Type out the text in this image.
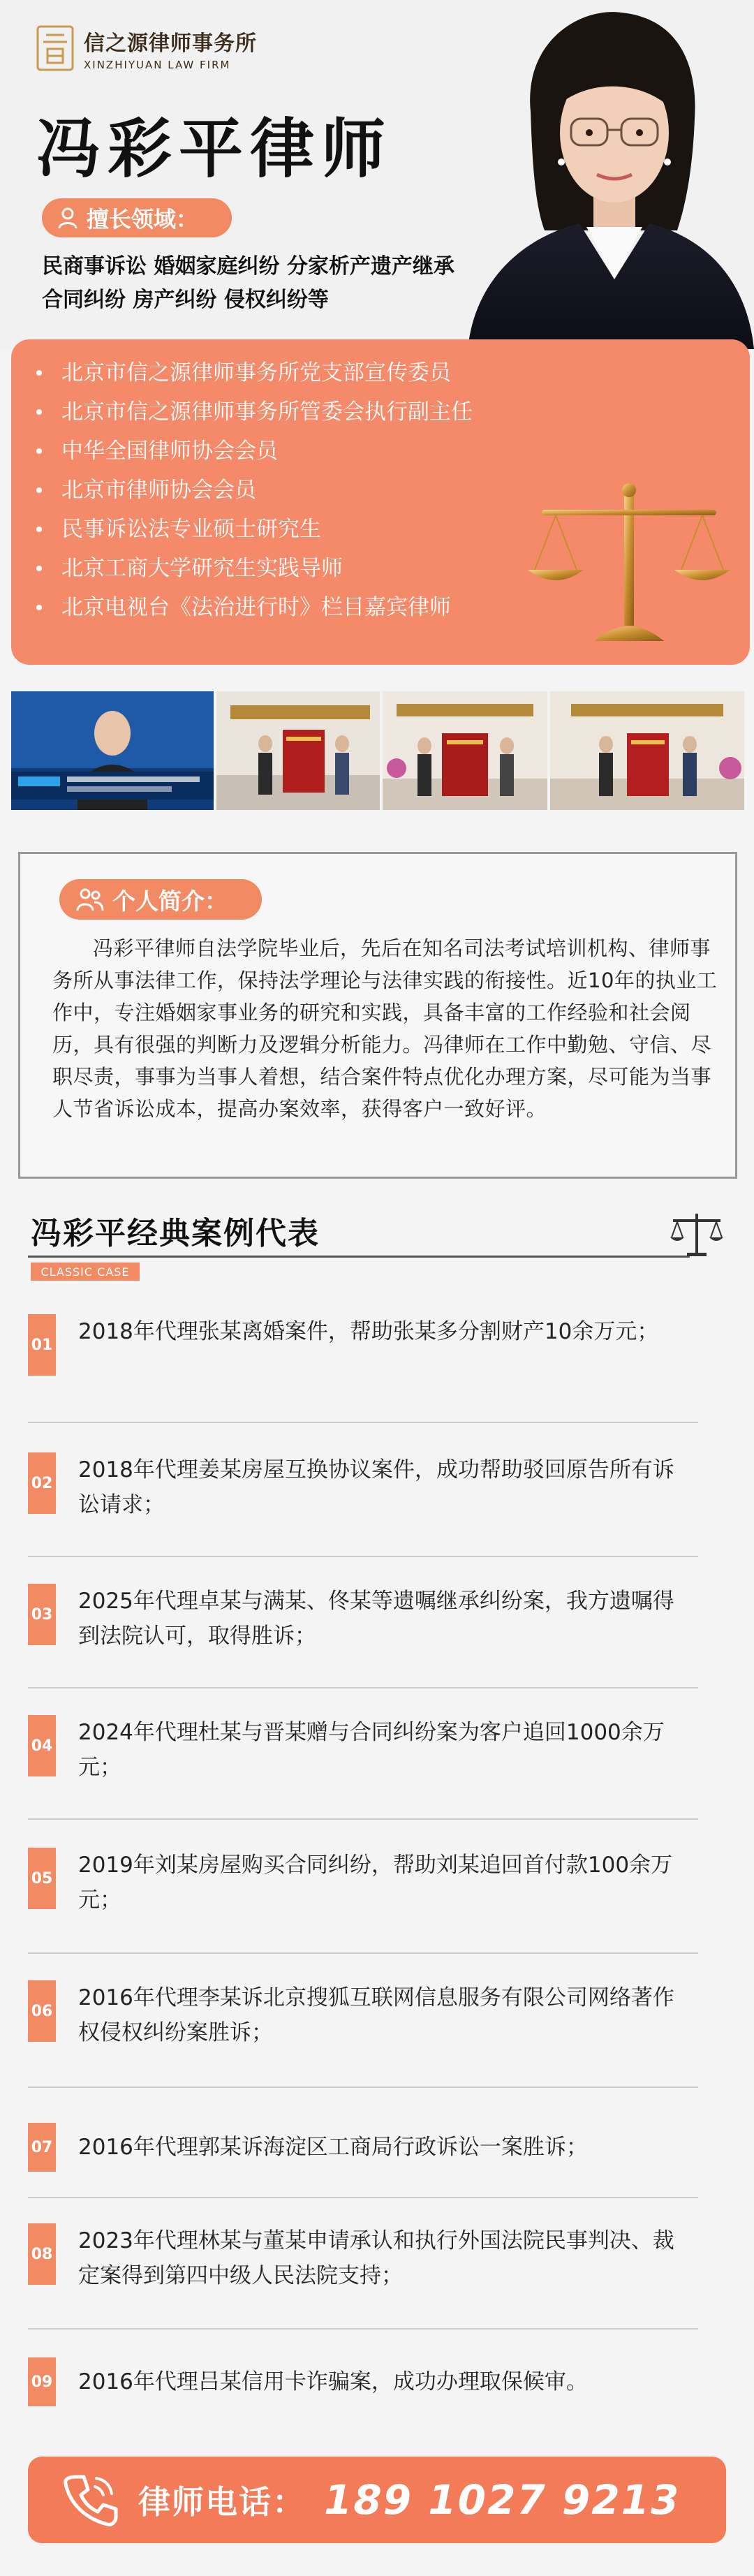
信之源律师事务所
XINZHIYUAN LAW FIRM
冯彩平律师
擅长领域：
民商事诉讼 婚姻家庭纠纷 分家析产遗产继承
合同纠纷 房产纠纷 侵权纠纷等
北京市信之源律师事务所党支部宣传委员
北京市信之源律师事务所管委会执行副主任
中华全国律师协会会员
北京市律师协会会员
民事诉讼法专业硕士研究生
北京工商大学研究生实践导师
北京电视台《法治进行时》栏目嘉宾律师
个人简介：

冯彩平律师自法学院毕业后，先后在知名司法考试培训机构、律师事务所从事法律工作，保持法学理论与法律实践的衔接性。近10年的执业工作中，专注婚姻家事业务的研究和实践，具备丰富的工作经验和社会阅历，具有很强的判断力及逻辑分析能力。冯律师在工作中勤勉、守信、尽职尽责，事事为当事人着想，结合案件特点优化办理方案，尽可能为当事人节省诉讼成本，提高办案效率，获得客户一致好评。

冯彩平经典案例代表
CLASSIC CASE
01
2018年代理张某离婚案件，帮助张某多分割财产10余万元；
02
2018年代理姜某房屋互换协议案件，成功帮助驳回原告所有诉讼请求；
03
2025年代理卓某与满某、佟某等遗嘱继承纠纷案，我方遗嘱得到法院认可，取得胜诉；
04
2024年代理杜某与晋某赠与合同纠纷案为客户追回1000余万元；
05
2019年刘某房屋购买合同纠纷，帮助刘某追回首付款100余万元；
06
2016年代理李某诉北京搜狐互联网信息服务有限公司网络著作权侵权纠纷案胜诉；
07 2016年代理郭某诉海淀区工商局行政诉讼一案胜诉；
08
2023年代理林某与董某申请承认和执行外国法院民事判决、裁定案得到第四中级人民法院支持；
09 2016年代理吕某信用卡诈骗案，成功办理取保候审。
律师电话： 189 1027 9213
